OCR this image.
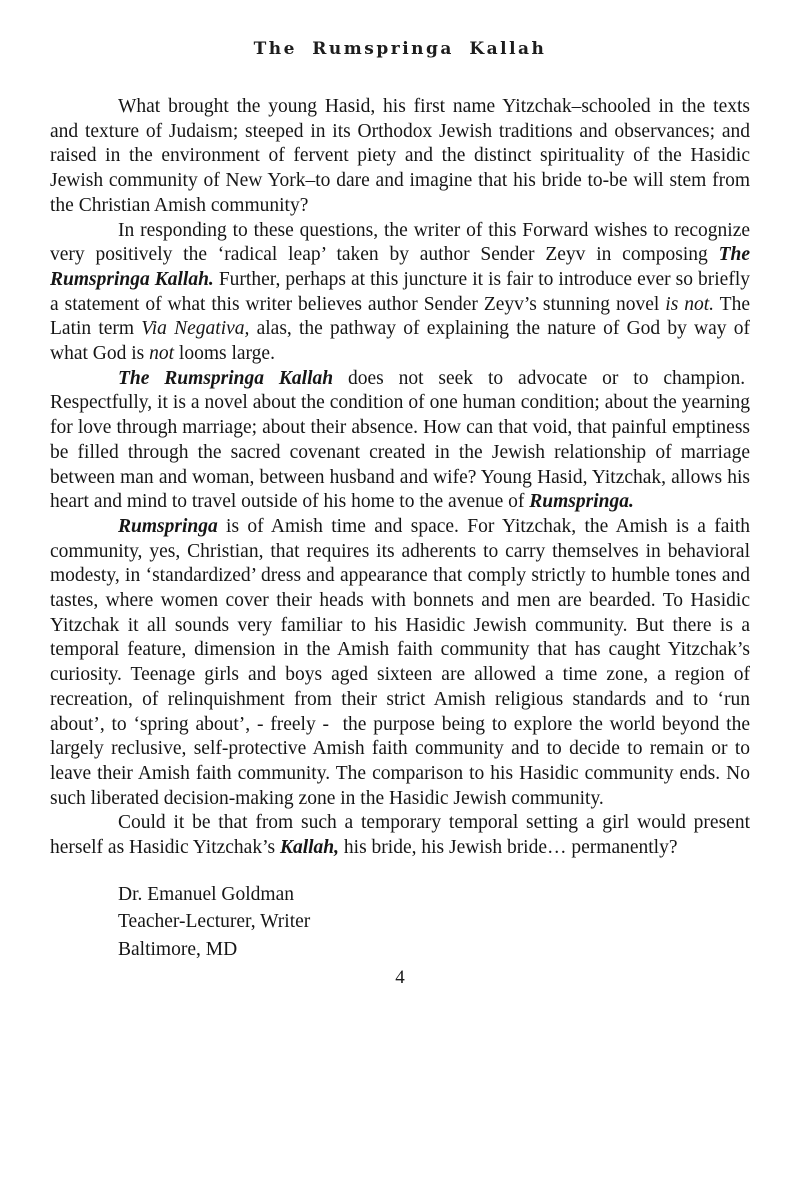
The Rumspringa Kallah

What brought the young Hasid, his first name Yitzchak–schooled in the texts and texture of Judaism; steeped in its Orthodox Jewish traditions and observances; and raised in the environment of fervent piety and the distinct spirituality of the Hasidic Jewish community of New York–to dare and imagine that his bride to-be will stem from the Christian Amish community?

In responding to these questions, the writer of this Forward wishes to recognize very positively the ‘radical leap’ taken by author Sender Zeyv in composing The Rumspringa Kallah. Further, perhaps at this juncture it is fair to introduce ever so briefly a statement of what this writer believes author Sender Zeyv’s stunning novel is not. The Latin term Via Negativa, alas, the pathway of explaining the nature of God by way of what God is not looms large.

The Rumspringa Kallah does not seek to advocate or to champion.  Respectfully, it is a novel about the condition of one human condition; about the yearning for love through marriage; about their absence. How can that void, that painful emptiness be filled through the sacred covenant created in the Jewish relationship of marriage between man and woman, between husband and wife? Young Hasid, Yitzchak, allows his heart and mind to travel outside of his home to the avenue of Rumspringa.

Rumspringa is of Amish time and space. For Yitzchak, the Amish is a faith community, yes, Christian, that requires its adherents to carry themselves in behavioral modesty, in ‘standardized’ dress and appearance that comply strictly to humble tones and tastes, where women cover their heads with bonnets and men are bearded. To Hasidic Yitzchak it all sounds very familiar to his Hasidic Jewish community. But there is a temporal feature, dimension in the Amish faith community that has caught Yitzchak’s curiosity. Teenage girls and boys aged sixteen are allowed a time zone, a region of recreation, of relinquishment from their strict Amish religious standards and to ‘run about’, to ‘spring about’, - freely -  the purpose being to explore the world beyond the largely reclusive, self-protective Amish faith community and to decide to remain or to leave their Amish faith community. The comparison to his Hasidic community ends. No such liberated decision-making zone in the Hasidic Jewish community.

Could it be that from such a temporary temporal setting a girl would present herself as Hasidic Yitzchak’s Kallah, his bride, his Jewish bride… permanently?

Dr. Emanuel Goldman
Teacher-Lecturer, Writer
Baltimore, MD
4
